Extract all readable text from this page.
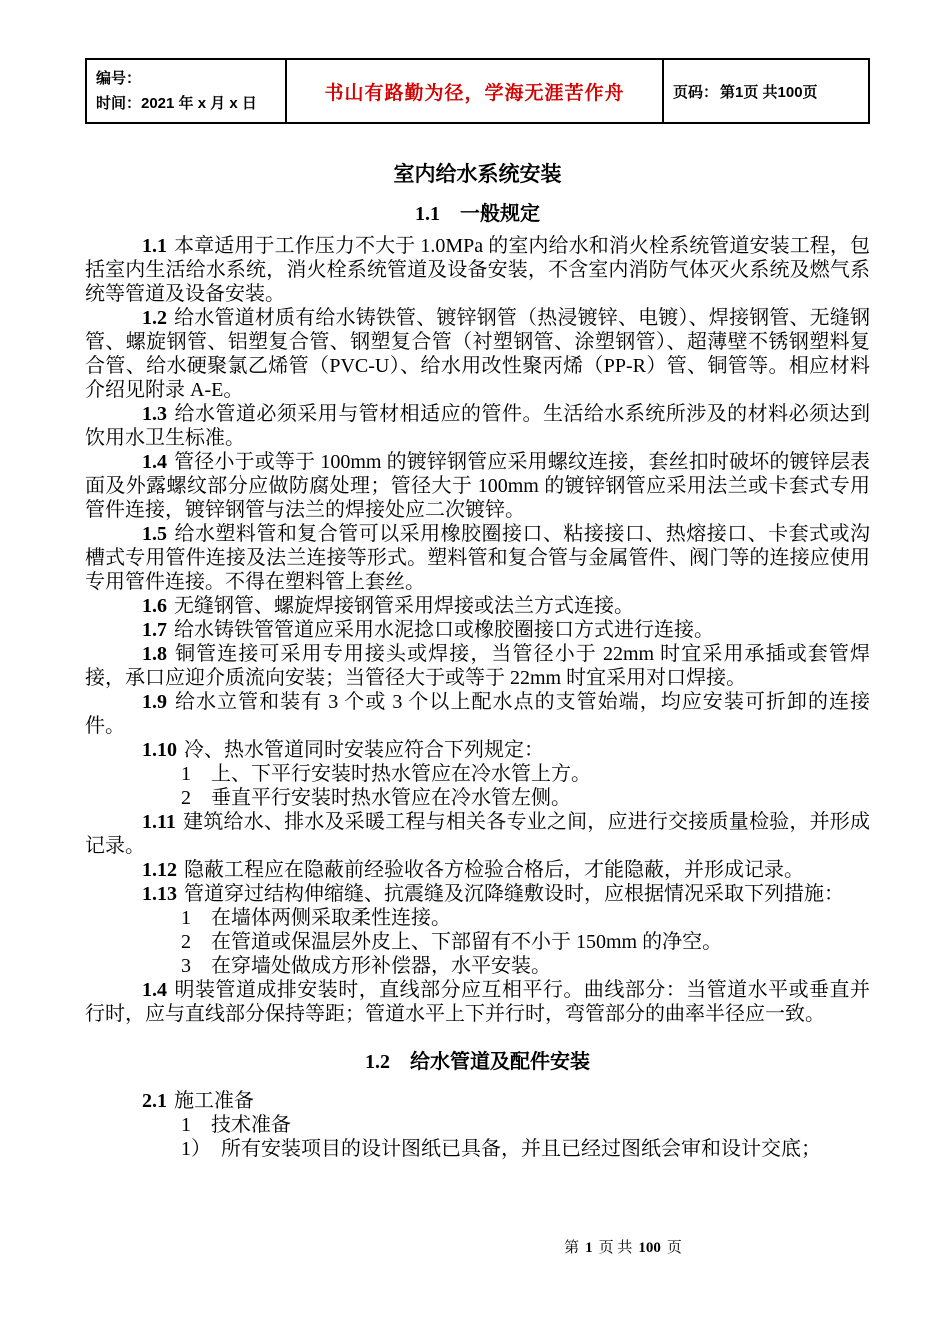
编号：
时间：2021 年 x 月 x 日	书山有路勤为径，学海无涯苦作舟	页码： 第1页 共100页
室内给水系统安装
1.1　一般规定

1.1 本章适用于工作压力不大于 1.0MPa 的室内给水和消火栓系统管道安装工程，包括室内生活给水系统，消火栓系统管道及设备安装，不含室内消防气体灭火系统及燃气系统等管道及设备安装。

1.2 给水管道材质有给水铸铁管、镀锌钢管（热浸镀锌、电镀）、焊接钢管、无缝钢管、螺旋钢管、铝塑复合管、钢塑复合管（衬塑钢管、涂塑钢管）、超薄壁不锈钢塑料复合管、给水硬聚氯乙烯管（PVC-U）、给水用改性聚丙烯（PP-R）管、铜管等。相应材料介绍见附录 A-E。

1.3 给水管道必须采用与管材相适应的管件。生活给水系统所涉及的材料必须达到饮用水卫生标准。

1.4 管径小于或等于 100mm 的镀锌钢管应采用螺纹连接，套丝扣时破坏的镀锌层表面及外露螺纹部分应做防腐处理；管径大于 100mm 的镀锌钢管应采用法兰或卡套式专用管件连接，镀锌钢管与法兰的焊接处应二次镀锌。

1.5 给水塑料管和复合管可以采用橡胶圈接口、粘接接口、热熔接口、卡套式或沟槽式专用管件连接及法兰连接等形式。塑料管和复合管与金属管件、阀门等的连接应使用专用管件连接。不得在塑料管上套丝。

1.6 无缝钢管、螺旋焊接钢管采用焊接或法兰方式连接。

1.7 给水铸铁管管道应采用水泥捻口或橡胶圈接口方式进行连接。

1.8 铜管连接可采用专用接头或焊接，当管径小于 22mm 时宜采用承插或套管焊接，承口应迎介质流向安装；当管径大于或等于 22mm 时宜采用对口焊接。

1.9 给水立管和装有 3 个或 3 个以上配水点的支管始端，均应安装可折卸的连接件。

1.10 冷、热水管道同时安装应符合下列规定：

1　上、下平行安装时热水管应在冷水管上方。

2　垂直平行安装时热水管应在冷水管左侧。

1.11 建筑给水、排水及采暖工程与相关各专业之间，应进行交接质量检验，并形成记录。

1.12 隐蔽工程应在隐蔽前经验收各方检验合格后，才能隐蔽，并形成记录。

1.13 管道穿过结构伸缩缝、抗震缝及沉降缝敷设时，应根据情况采取下列措施：

1　在墙体两侧采取柔性连接。

2　在管道或保温层外皮上、下部留有不小于 150mm 的净空。

3　在穿墙处做成方形补偿器，水平安装。

1.4 明装管道成排安装时，直线部分应互相平行。曲线部分：当管道水平或垂直并行时，应与直线部分保持等距；管道水平上下并行时，弯管部分的曲率半径应一致。

1.2　给水管道及配件安装

2.1 施工准备

1　技术准备

1）　所有安装项目的设计图纸已具备，并且已经过图纸会审和设计交底；

第 1 页 共 100 页
